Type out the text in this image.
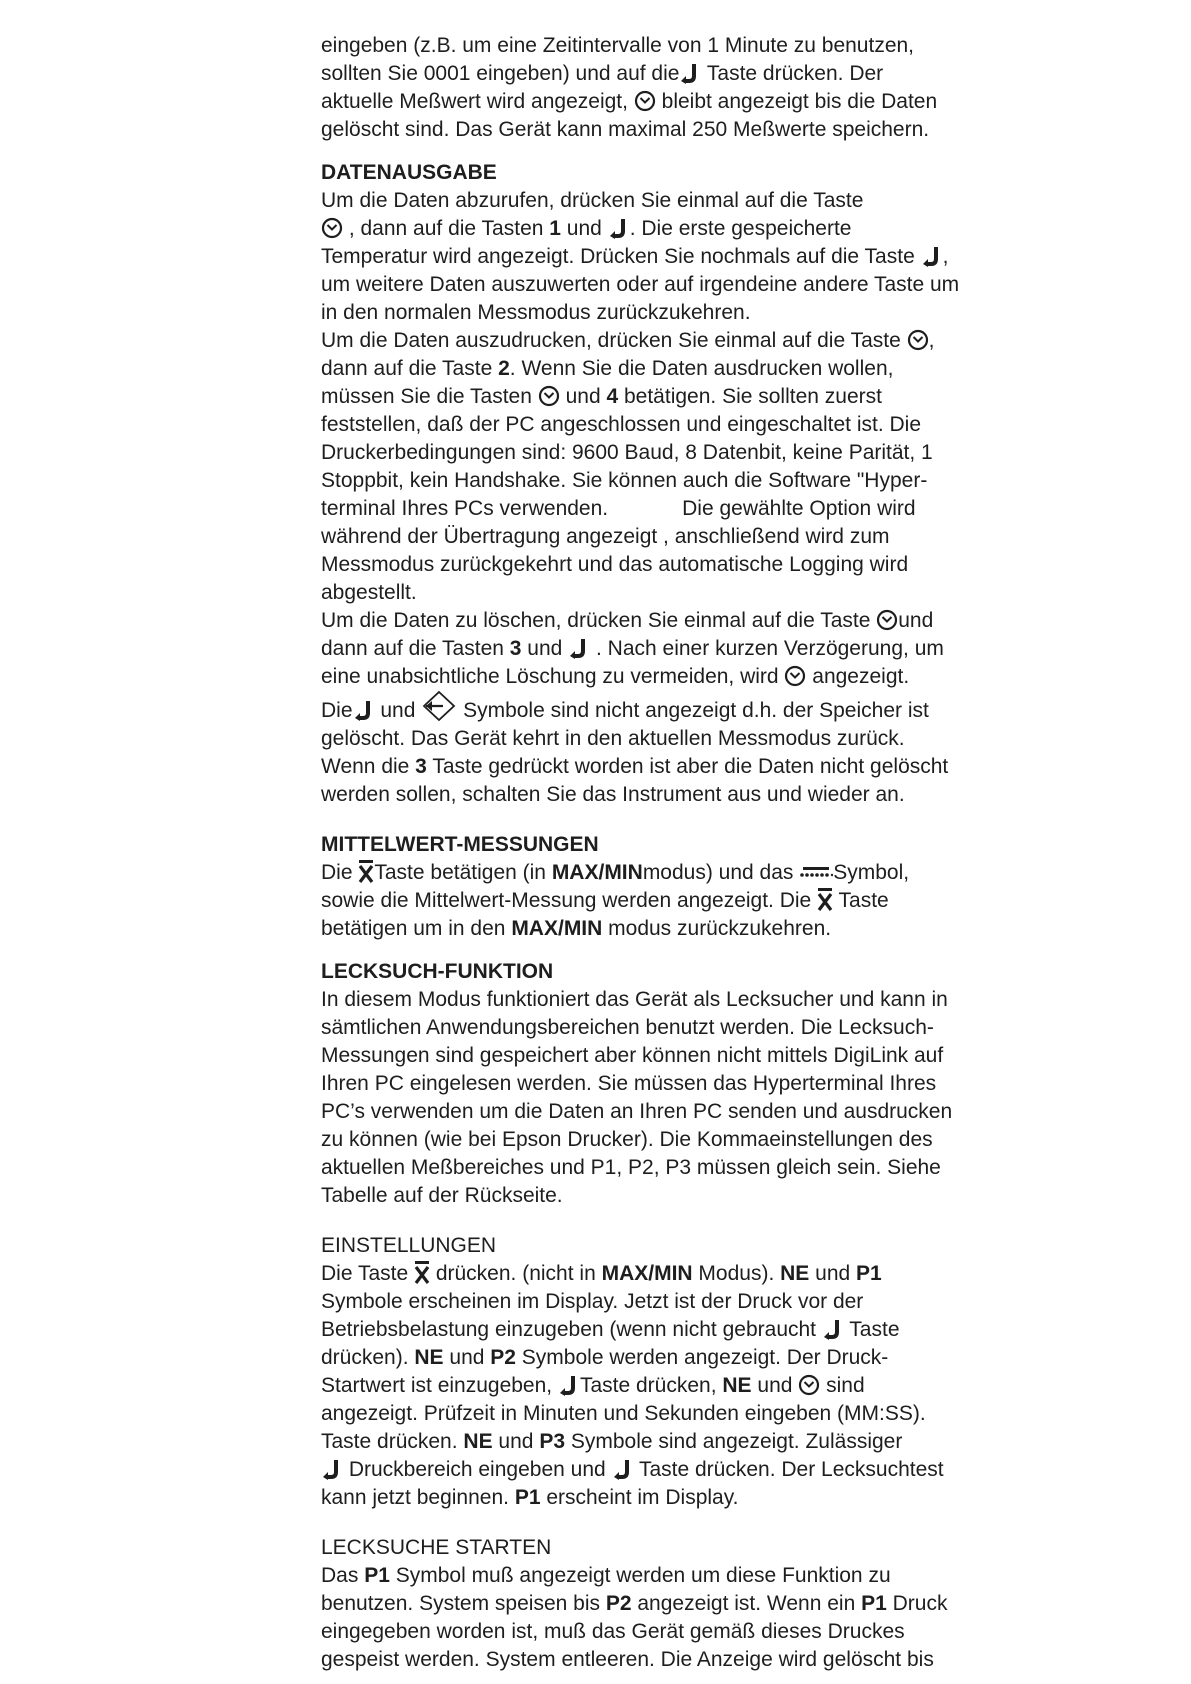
eingeben (z.B. um eine Zeitintervalle von 1 Minute zu benutzen,

sollten Sie 0001 eingeben) und auf die
Taste drücken. Der

aktuelle Meßwert wird angezeigt,
bleibt angezeigt bis die Daten

gelöscht sind. Das Gerät kann maximal 250 Meßwerte speichern.

DATENAUSGABE

Um die Daten abzurufen, drücken Sie einmal auf die Taste

, dann auf die Tasten 1 und
. Die erste gespeicherte

Temperatur wird angezeigt. Drücken Sie nochmals auf die Taste ,

um weitere Daten auszuwerten oder auf irgendeine andere Taste um

in den normalen Messmodus zurückzukehren.

Um die Daten auszudrucken, drücken Sie einmal auf die Taste
,

dann auf die Taste 2. Wenn Sie die Daten ausdrucken wollen,

müssen Sie die Tasten
und 4 betätigen. Sie sollten zuerst

feststellen, daß der PC angeschlossen und eingeschaltet ist. Die

Druckerbedingungen sind: 9600 Baud, 8 Datenbit, keine Parität, 1

Stoppbit, kein Handshake. Sie können auch die Software "Hyper-

terminal Ihres PCs verwenden.	Die gewählte Option wird

während der Übertragung angezeigt , anschließend wird zum

Messmodus zurückgekehrt und das automatische Logging wird abgestellt.

Um die Daten zu löschen, drücken Sie einmal auf die Taste
und

dann auf die Tasten 3 und
. Nach einer kurzen Verzögerung, um

eine unabsichtliche Löschung zu vermeiden, wird
angezeigt.

Die
und
Symbole sind nicht angezeigt d.h. der Speicher ist

gelöscht. Das Gerät kehrt in den aktuellen Messmodus zurück.

Wenn die 3 Taste gedrückt worden ist aber die Daten nicht gelöscht

werden sollen, schalten Sie das Instrument aus und wieder an.

MITTELWERT-MESSUNGEN

Die
Taste betätigen (in MAX/MINmodus) und das
Symbol,

sowie die Mittelwert-Messung werden angezeigt. Die
Taste

betätigen um in den MAX/MIN modus zurückzukehren.

LECKSUCH-FUNKTION

In diesem Modus funktioniert das Gerät als Lecksucher und kann in

sämtlichen Anwendungsbereichen benutzt werden. Die Lecksuch-

Messungen sind gespeichert aber können nicht mittels DigiLink auf

Ihren PC eingelesen werden. Sie müssen das Hyperterminal Ihres

PC’s verwenden um die Daten an Ihren PC senden und ausdrucken

zu können (wie bei Epson Drucker). Die Kommaeinstellungen des

aktuellen Meßbereiches und P1, P2, P3 müssen gleich sein. Siehe

Tabelle auf der Rückseite.

EINSTELLUNGEN

Die Taste
drücken. (nicht in MAX/MIN Modus). NE und P1

Symbole erscheinen im Display. Jetzt ist der Druck vor der

Betriebsbelastung einzugeben (wenn nicht gebraucht
Taste

drücken). NE und P2 Symbole werden angezeigt. Der Druck-

Startwert ist einzugeben,
Taste drücken, NE und
sind

angezeigt. Prüfzeit in Minuten und Sekunden eingeben (MM:SS).

Taste drücken. NE und P3 Symbole sind angezeigt. Zulässiger

Druckbereich eingeben und
Taste drücken. Der Lecksuchtest

kann jetzt beginnen. P1 erscheint im Display.

LECKSUCHE STARTEN

Das P1 Symbol muß angezeigt werden um diese Funktion zu

benutzen. System speisen bis P2 angezeigt ist. Wenn ein P1 Druck

eingegeben worden ist, muß das Gerät gemäß dieses Druckes

gespeist werden. System entleeren. Die Anzeige wird gelöscht bis
